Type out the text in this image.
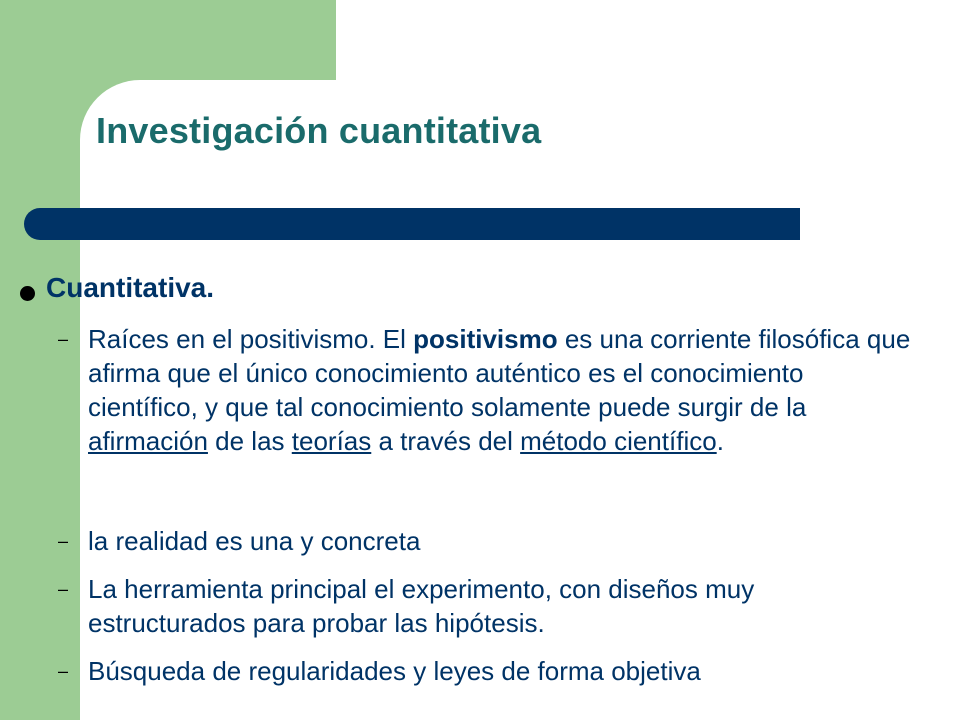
Investigación cuantitativa

Cuantitativa.

– Raíces en el positivismo. El positivismo es una corriente filosófica que afirma que el único conocimiento auténtico es el conocimiento científico, y que tal conocimiento solamente puede surgir de la afirmación de las teorías a través del método científico.

– la realidad es una y concreta

– La herramienta principal el experimento, con diseños muy estructurados para probar las hipótesis.

– Búsqueda de regularidades y leyes de forma objetiva
